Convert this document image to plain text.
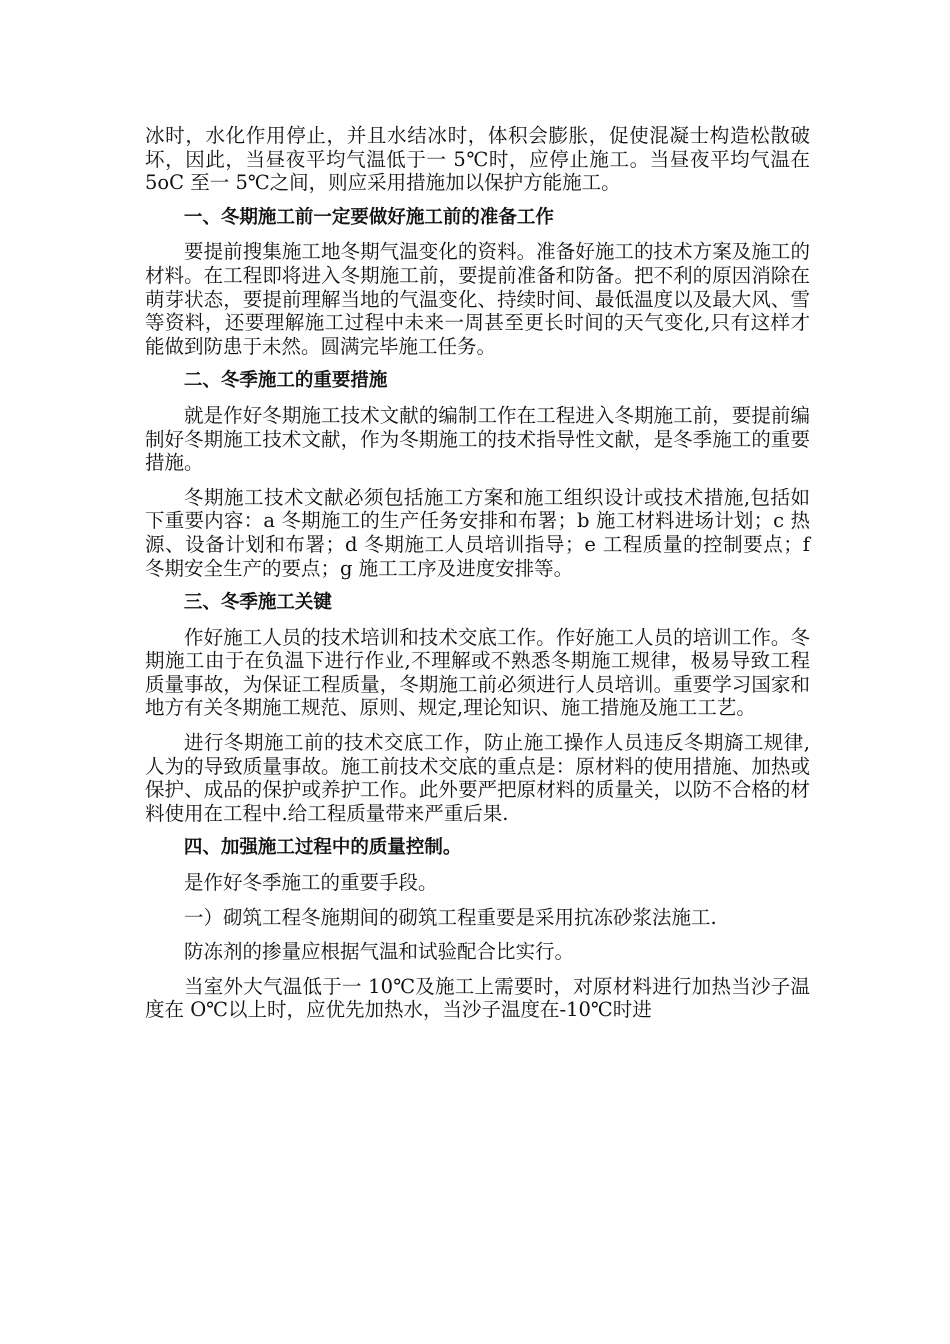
冰时，水化作用停止，并且水结冰时，体积会膨胀，促使混凝士构造松散破坏，因此，当昼夜平均气温低于一 5℃时，应停止施工。当昼夜平均气温在 5oC 至一 5℃之间，则应采用措施加以保护方能施工。

一、冬期施工前一定要做好施工前的准备工作

要提前搜集施工地冬期气温变化的资料。准备好施工的技术方案及施工的材料。在工程即将进入冬期施工前，要提前准备和防备。把不利的原因消除在萌芽状态，要提前理解当地的气温变化、持续时间、最低温度以及最大风、雪等资料，还要理解施工过程中未来一周甚至更长时间的天气变化,只有这样才能做到防患于未然。圆满完毕施工任务。

二、冬季施工的重要措施

就是作好冬期施工技术文献的编制工作在工程进入冬期施工前，要提前编制好冬期施工技术文献，作为冬期施工的技术指导性文献，是冬季施工的重要措施。

冬期施工技术文献必须包括施工方案和施工组织设计或技术措施,包括如下重要内容：a 冬期施工的生产任务安排和布署；b 施工材料进场计划；c 热源、设备计划和布署；d 冬期施工人员培训指导；e 工程质量的控制要点；f 冬期安全生产的要点；g 施工工序及进度安排等。

三、冬季施工关键

作好施工人员的技术培训和技术交底工作。作好施工人员的培训工作。冬期施工由于在负温下进行作业,不理解或不熟悉冬期施工规律，极易导致工程质量事故，为保证工程质量，冬期施工前必须进行人员培训。重要学习国家和地方有关冬期施工规范、原则、规定,理论知识、施工措施及施工工艺。

进行冬期施工前的技术交底工作，防止施工操作人员违反冬期旖工规律,人为的导致质量事故。施工前技术交底的重点是：原材料的使用措施、加热或保护、成品的保护或养护工作。此外要严把原材料的质量关，以防不合格的材料使用在工程中.给工程质量带来严重后果.

四、加强施工过程中的质量控制。

是作好冬季施工的重要手段。

一）砌筑工程冬施期间的砌筑工程重要是采用抗冻砂浆法施工.

防冻剂的掺量应根据气温和试验配合比实行。

当室外大气温低于一 10℃及施工上需要时，对原材料进行加热当沙子温度在 O℃以上时，应优先加热水，当沙子温度在-10℃时进
